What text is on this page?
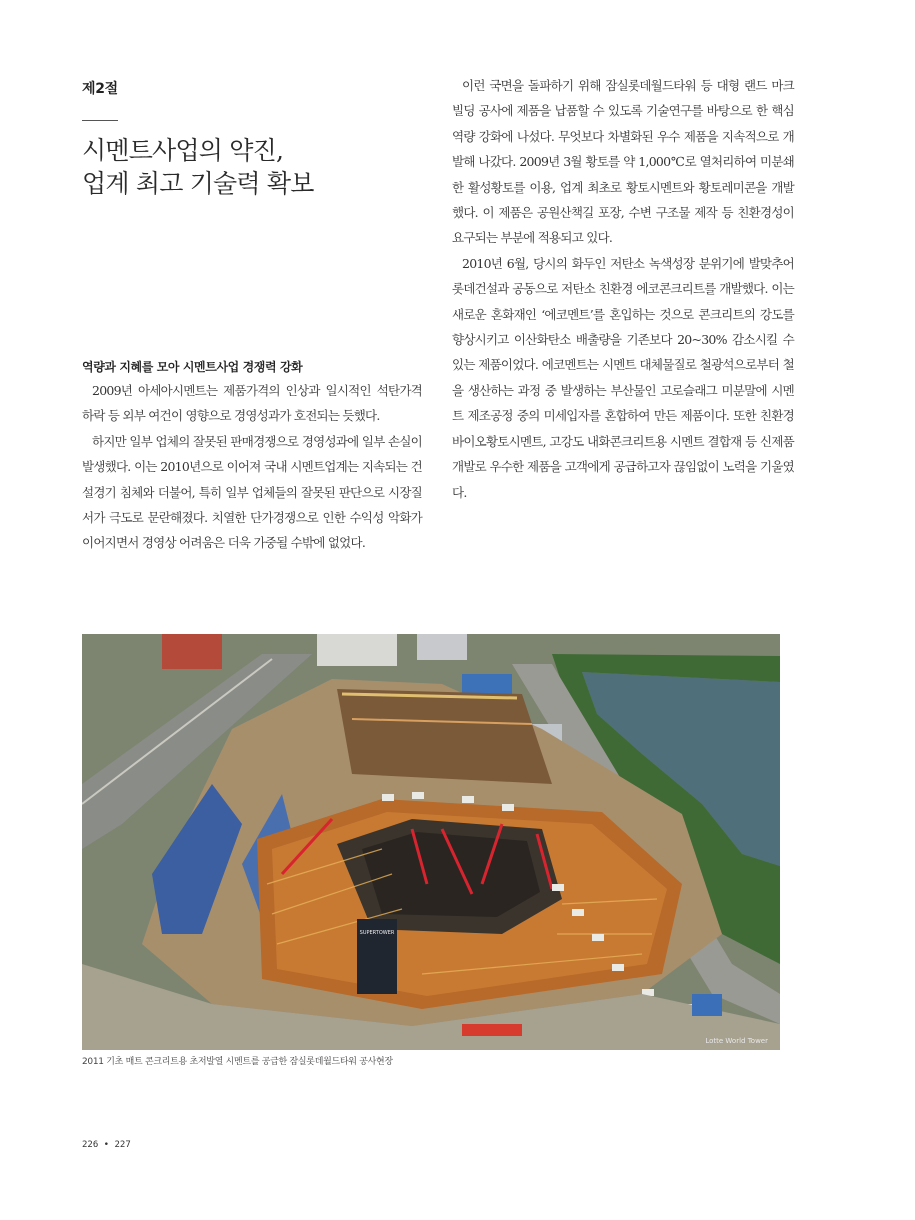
제2절
시멘트사업의 약진,
업계 최고 기술력 확보
역량과 지혜를 모아 시멘트사업 경쟁력 강화

2009년 아세아시멘트는 제품가격의 인상과 일시적인 석탄가격 하락 등 외부 여건이 영향으로 경영성과가 호전되는 듯했다.

하지만 일부 업체의 잘못된 판매경쟁으로 경영성과에 일부 손실이 발생했다. 이는 2010년으로 이어져 국내 시멘트업계는 지속되는 건설경기 침체와 더불어, 특히 일부 업체들의 잘못된 판단으로 시장질서가 극도로 문란해졌다. 치열한 단가경쟁으로 인한 수익성 악화가 이어지면서 경영상 어려움은 더욱 가중될 수밖에 없었다.

이런 국면을 돌파하기 위해 잠실롯데월드타워 등 대형 랜드 마크 빌딩 공사에 제품을 납품할 수 있도록 기술연구를 바탕으로 한 핵심역량 강화에 나섰다. 무엇보다 차별화된 우수 제품을 지속적으로 개발해 나갔다. 2009년 3월 황토를 약 1,000℃로 열처리하여 미분쇄한 활성황토를 이용, 업계 최초로 황토시멘트와 황토레미콘을 개발했다. 이 제품은 공원산책길 포장, 수변 구조물 제작 등 친환경성이 요구되는 부분에 적용되고 있다.

2010년 6월, 당시의 화두인 저탄소 녹색성장 분위기에 발맞추어 롯데건설과 공동으로 저탄소 친환경 에코콘크리트를 개발했다. 이는 새로운 혼화재인 ‘에코멘트’를 혼입하는 것으로 콘크리트의 강도를 향상시키고 이산화탄소 배출량을 기존보다 20~30% 감소시킬 수 있는 제품이었다. 에코멘트는 시멘트 대체물질로 철광석으로부터 철을 생산하는 과정 중 발생하는 부산물인 고로슬래그 미분말에 시멘트 제조공정 중의 미세입자를 혼합하여 만든 제품이다. 또한 친환경 바이오황토시멘트, 고강도 내화콘크리트용 시멘트 결합재 등 신제품 개발로 우수한 제품을 고객에게 공급하고자 끊임없이 노력을 기울였다.

SUPERTOWER
Lotte World Tower
2011 기초 매트 콘크리트용 초저발열 시멘트를 공급한 잠실롯데월드타워 공사현장
226 • 227
